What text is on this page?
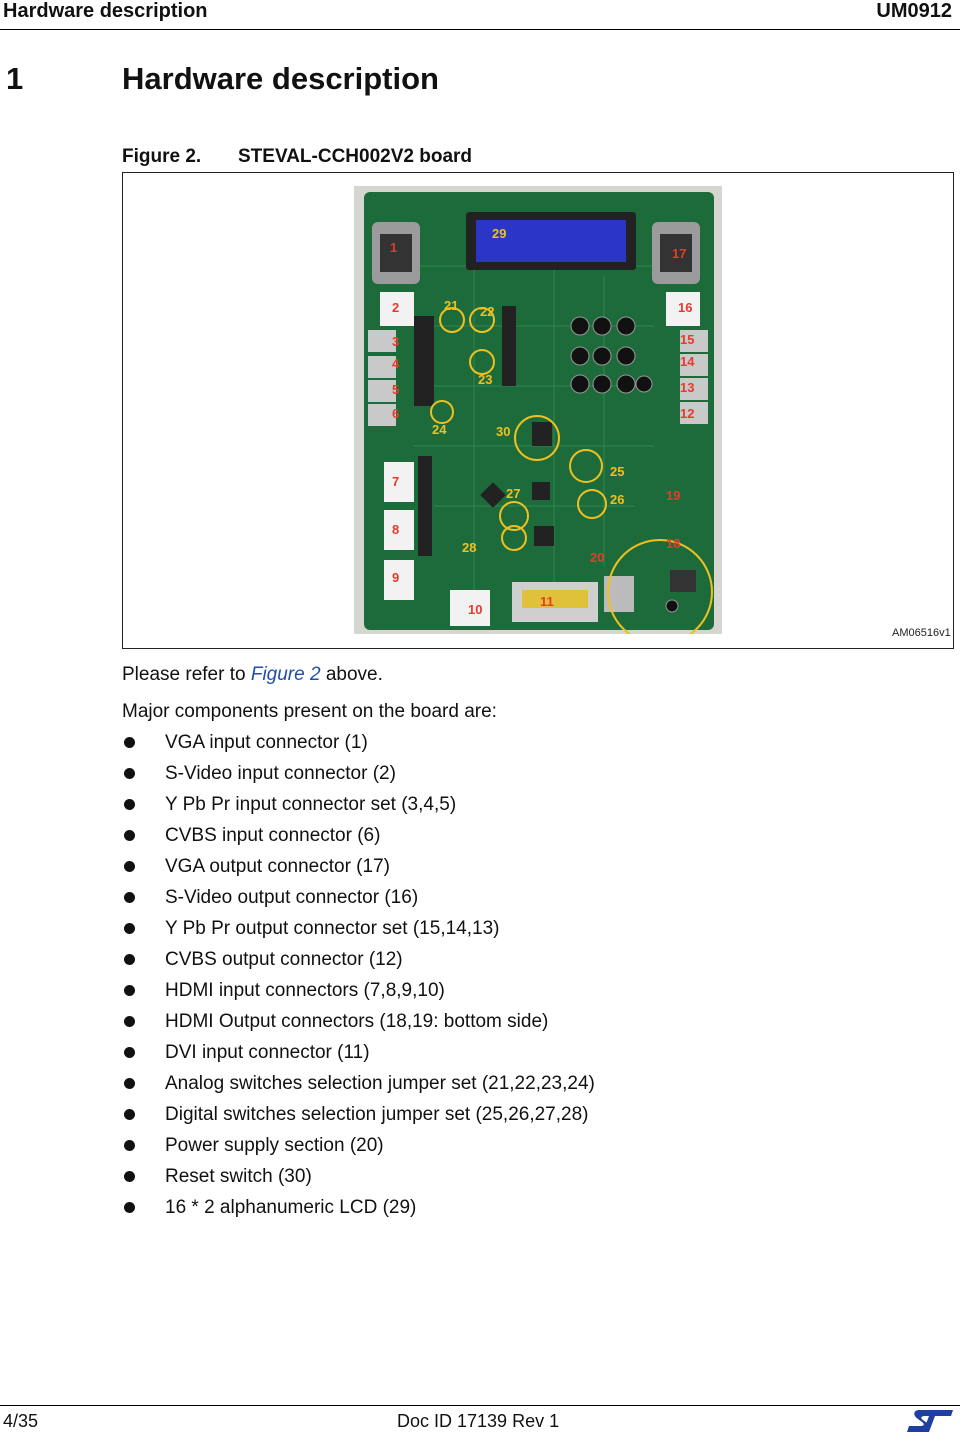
Hardware description	UM0912
1	Hardware description
Figure 2. STEVAL-CCH002V2 board
1
2
3
4
5
6
7
8
9
10
11
12
13
14
15
16
17
18
19
20
21 22
23
24
25
26
27
28
29
30
AM06516v1
Please refer to Figure 2 above.
Major components present on the board are:
VGA input connector (1)
S-Video input connector (2)
Y Pb Pr input connector set (3,4,5)
CVBS input connector (6)
VGA output connector (17)
S-Video output connector (16)
Y Pb Pr output connector set (15,14,13)
CVBS output connector (12)
HDMI input connectors (7,8,9,10)
HDMI Output connectors (18,19: bottom side)
DVI input connector (11)
Analog switches selection jumper set (21,22,23,24)
Digital switches selection jumper set (25,26,27,28)
Power supply section (20)
Reset switch (30)
16 * 2 alphanumeric LCD (29)
4/35	Doc ID 17139 Rev 1
